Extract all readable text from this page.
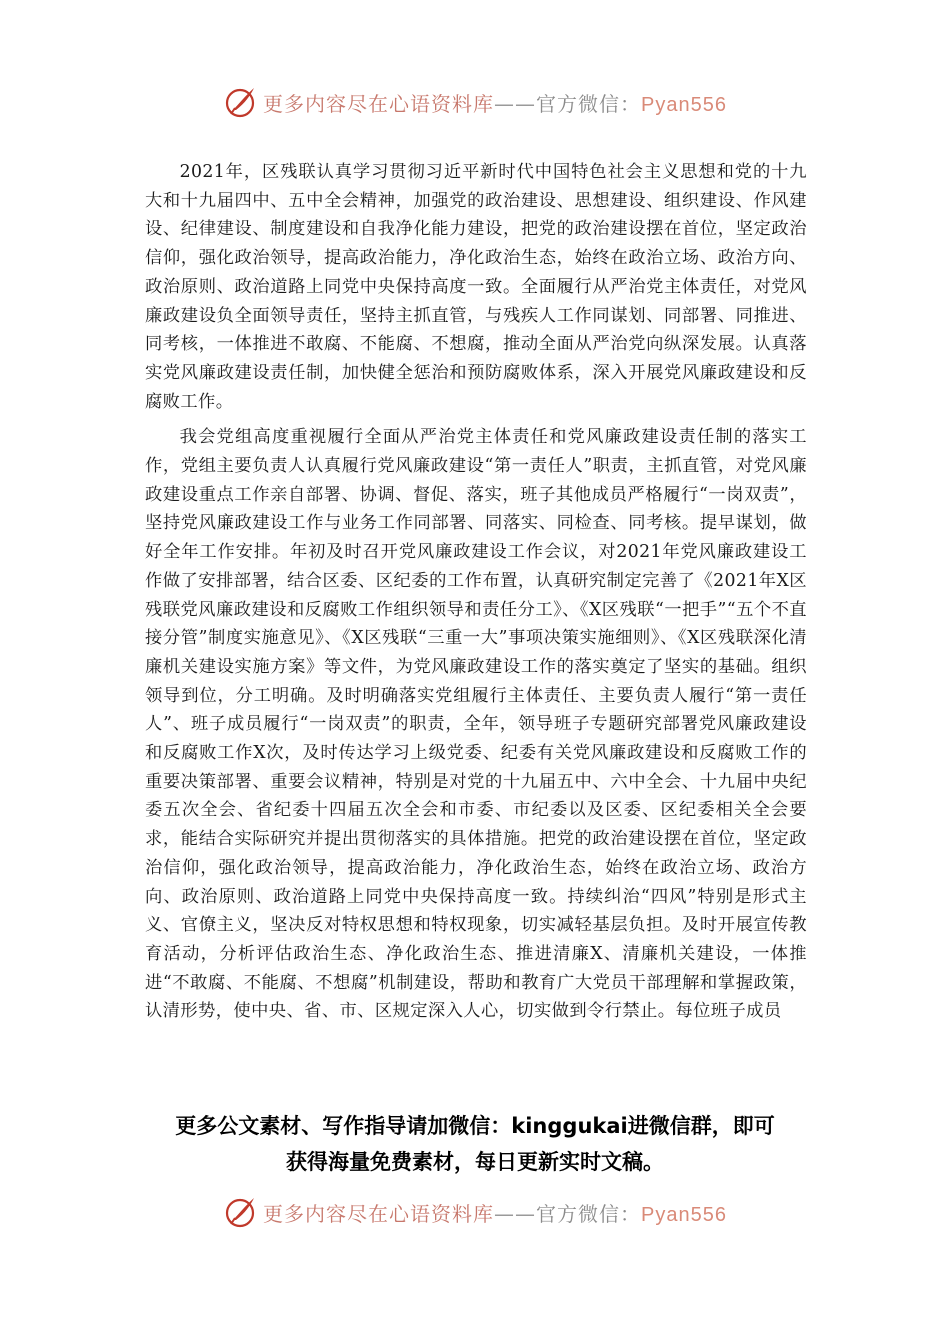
更多内容尽在心语资料库——官方微信：Pyan556

2021年，区残联认真学习贯彻习近平新时代中国特色社会主义思想和党的十九大和十九届四中、五中全会精神，加强党的政治建设、思想建设、组织建设、作风建设、纪律建设、制度建设和自我净化能力建设，把党的政治建设摆在首位，坚定政治信仰，强化政治领导，提高政治能力，净化政治生态，始终在政治立场、政治方向、政治原则、政治道路上同党中央保持高度一致。全面履行从严治党主体责任，对党风廉政建设负全面领导责任，坚持主抓直管，与残疾人工作同谋划、同部署、同推进、同考核，一体推进不敢腐、不能腐、不想腐，推动全面从严治党向纵深发展。认真落实党风廉政建设责任制，加快健全惩治和预防腐败体系，深入开展党风廉政建设和反腐败工作。

我会党组高度重视履行全面从严治党主体责任和党风廉政建设责任制的落实工作，党组主要负责人认真履行党风廉政建设“第一责任人”职责，主抓直管，对党风廉政建设重点工作亲自部署、协调、督促、落实，班子其他成员严格履行“一岗双责”，坚持党风廉政建设工作与业务工作同部署、同落实、同检查、同考核。提早谋划，做好全年工作安排。年初及时召开党风廉政建设工作会议，对2021年党风廉政建设工作做了安排部署，结合区委、区纪委的工作布置，认真研究制定完善了《2021年X区残联党风廉政建设和反腐败工作组织领导和责任分工》、《X区残联“一把手”“五个不直接分管”制度实施意见》、《X区残联“三重一大”事项决策实施细则》、《X区残联深化清廉机关建设实施方案》等文件，为党风廉政建设工作的落实奠定了坚实的基础。组织领导到位，分工明确。及时明确落实党组履行主体责任、主要负责人履行“第一责任人”、班子成员履行“一岗双责”的职责，全年，领导班子专题研究部署党风廉政建设和反腐败工作X次，及时传达学习上级党委、纪委有关党风廉政建设和反腐败工作的重要决策部署、重要会议精神，特别是对党的十九届五中、六中全会、十九届中央纪委五次全会、省纪委十四届五次全会和市委、市纪委以及区委、区纪委相关全会要求，能结合实际研究并提出贯彻落实的具体措施。把党的政治建设摆在首位，坚定政治信仰，强化政治领导，提高政治能力，净化政治生态，始终在政治立场、政治方向、政治原则、政治道路上同党中央保持高度一致。持续纠治“四风”特别是形式主义、官僚主义，坚决反对特权思想和特权现象，切实减轻基层负担。及时开展宣传教育活动，分析评估政治生态、净化政治生态、推进清廉X、清廉机关建设，一体推进“不敢腐、不能腐、不想腐”机制建设，帮助和教育广大党员干部理解和掌握政策，认清形势，使中央、省、市、区规定深入人心，切实做到令行禁止。每位班子成员

更多公文素材、写作指导请加微信：kinggukai进微信群，即可
获得海量免费素材，每日更新实时文稿。
更多内容尽在心语资料库——官方微信：Pyan556
